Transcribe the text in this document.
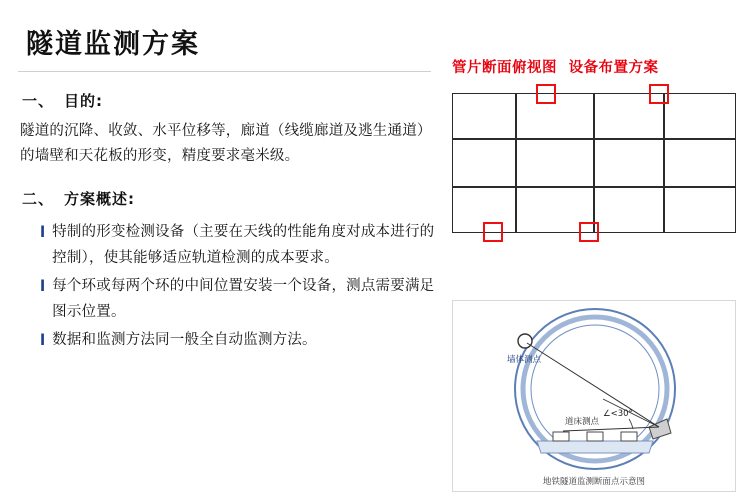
隧道监测方案
一、 目的:
隧道的沉降、收敛、水平位移等，廊道（线缆廊道及逃生通道）的墙壁和天花板的形变，精度要求毫米级。
二、 方案概述:
l 特制的形变检测设备（主要在天线的性能角度对成本进行的控制），使其能够适应轨道检测的成本要求。
l 每个环或每两个环的中间位置安装一个设备，测点需要满足图示位置。
l 数据和监测方法同一般全自动监测方法。
管片断面俯视图 设备布置方案
墙体测点
∠<30°
道床测点
地铁隧道监测断面点示意图
